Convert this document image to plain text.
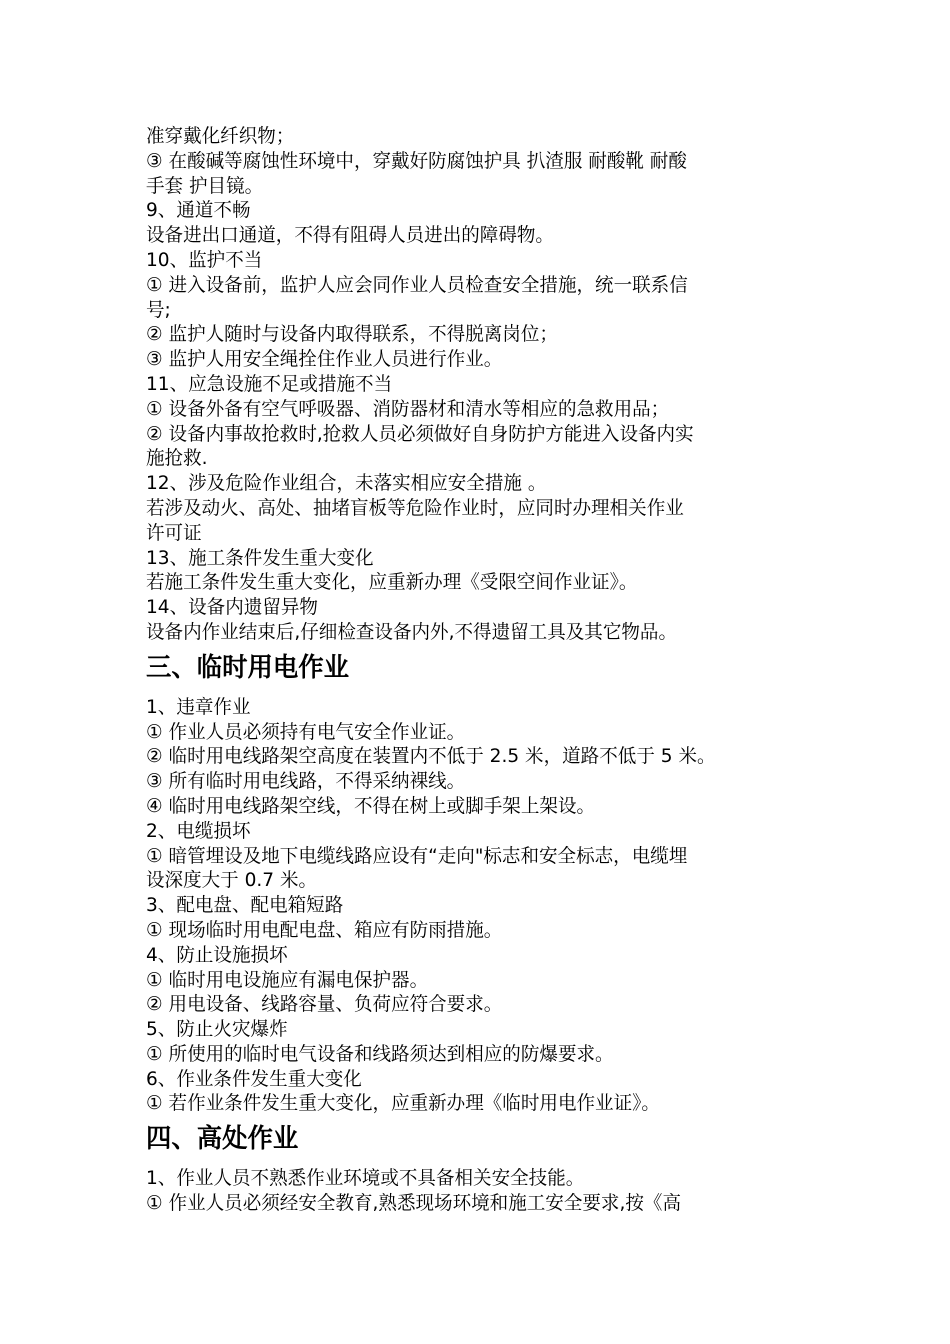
准穿戴化纤织物；
③ 在酸碱等腐蚀性环境中，穿戴好防腐蚀护具 扒渣服 耐酸靴 耐酸
手套 护目镜。
9、通道不畅
设备进出口通道，不得有阻碍人员进出的障碍物。
10、监护不当
① 进入设备前，监护人应会同作业人员检查安全措施，统一联系信
号;
② 监护人随时与设备内取得联系，不得脱离岗位；
③ 监护人用安全绳拴住作业人员进行作业。
11、应急设施不足或措施不当
① 设备外备有空气呼吸器、消防器材和清水等相应的急救用品；
② 设备内事故抢救时,抢救人员必须做好自身防护方能进入设备内实
施抢救.
12、涉及危险作业组合，未落实相应安全措施 。
若涉及动火、高处、抽堵盲板等危险作业时，应同时办理相关作业
许可证
13、施工条件发生重大变化
若施工条件发生重大变化，应重新办理《受限空间作业证》。
14、设备内遗留异物
设备内作业结束后,仔细检查设备内外,不得遗留工具及其它物品。
三、临时用电作业
1、违章作业
① 作业人员必须持有电气安全作业证。
② 临时用电线路架空高度在装置内不低于 2.5 米，道路不低于 5 米。
③ 所有临时用电线路，不得采纳裸线。
④ 临时用电线路架空线，不得在树上或脚手架上架设。
2、电缆损坏
① 暗管埋设及地下电缆线路应设有“走向"标志和安全标志，电缆埋
设深度大于 0.7 米。
3、配电盘、配电箱短路
① 现场临时用电配电盘、箱应有防雨措施。
4、防止设施损坏
① 临时用电设施应有漏电保护器。
② 用电设备、线路容量、负荷应符合要求。
5、防止火灾爆炸
① 所使用的临时电气设备和线路须达到相应的防爆要求。
6、作业条件发生重大变化
① 若作业条件发生重大变化，应重新办理《临时用电作业证》。
四、高处作业
1、作业人员不熟悉作业环境或不具备相关安全技能。
① 作业人员必须经安全教育,熟悉现场环境和施工安全要求,按《高
